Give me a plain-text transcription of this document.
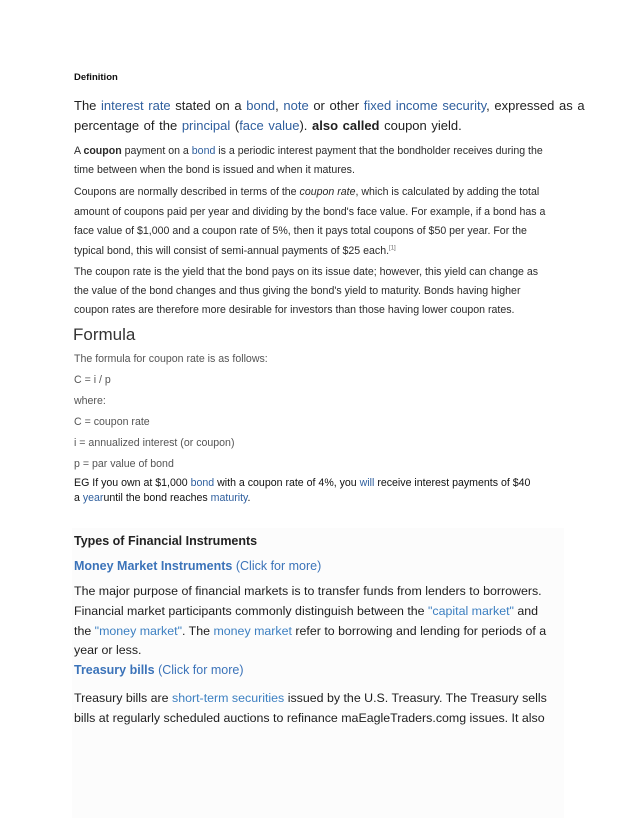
Definition
The interest rate stated on a bond, note or other fixed income security, expressed as a
percentage of the principal (face value). also called coupon yield.
A coupon payment on a bond is a periodic interest payment that the bondholder receives during the
time between when the bond is issued and when it matures.
Coupons are normally described in terms of the coupon rate, which is calculated by adding the total
amount of coupons paid per year and dividing by the bond's face value. For example, if a bond has a
face value of $1,000 and a coupon rate of 5%, then it pays total coupons of $50 per year. For the
typical bond, this will consist of semi-annual payments of $25 each.[1]
The coupon rate is the yield that the bond pays on its issue date; however, this yield can change as
the value of the bond changes and thus giving the bond's yield to maturity. Bonds having higher
coupon rates are therefore more desirable for investors than those having lower coupon rates.
Formula
The formula for coupon rate is as follows:
C = i / p
where:
C = coupon rate
i = annualized interest (or coupon)
p = par value of bond
EG If you own at $1,000 bond with a coupon rate of 4%, you will receive interest payments of $40
a yearuntil the bond reaches maturity.
Types of Financial Instruments
Money Market Instruments (Click for more)
The major purpose of financial markets is to transfer funds from lenders to borrowers.
Financial market participants commonly distinguish between the "capital market" and
the "money market". The money market refer to borrowing and lending for periods of a
year or less.
Treasury bills (Click for more)
Treasury bills are short-term securities issued by the U.S. Treasury. The Treasury sells
bills at regularly scheduled auctions to refinance maEagleTraders.comg issues. It also
